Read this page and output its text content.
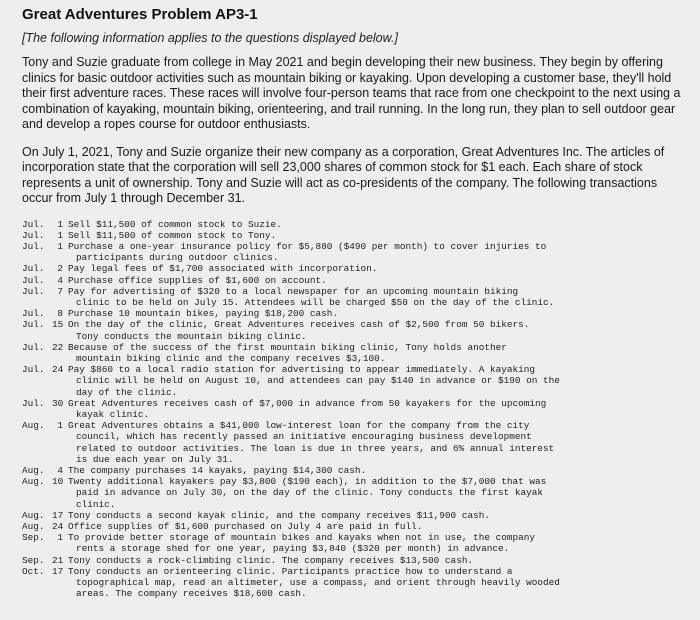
Great Adventures Problem AP3-1
[The following information applies to the questions displayed below.]

Tony and Suzie graduate from college in May 2021 and begin developing their new business. They begin by offering clinics for basic outdoor activities such as mountain biking or kayaking. Upon developing a customer base, they'll hold their first adventure races. These races will involve four-person teams that race from one checkpoint to the next using a combination of kayaking, mountain biking, orienteering, and trail running. In the long run, they plan to sell outdoor gear and develop a ropes course for outdoor enthusiasts.

On July 1, 2021, Tony and Suzie organize their new company as a corporation, Great Adventures Inc. The articles of incorporation state that the corporation will sell 23,000 shares of common stock for $1 each. Each share of stock represents a unit of ownership. Tony and Suzie will act as co-presidents of the company. The following transactions occur from July 1 through December 31.

Jul.	1 Sell $11,500 of common stock to Suzie.
Jul.	1 Sell $11,500 of common stock to Tony.
Jul.	1 Purchase a one-year insurance policy for $5,880 ($490 per month) to cover injuries to
participants during outdoor clinics.
Jul.	2 Pay legal fees of $1,700 associated with incorporation.
Jul.	4 Purchase office supplies of $1,600 on account.
Jul.	7 Pay for advertising of $320 to a local newspaper for an upcoming mountain biking
clinic to be held on July 15. Attendees will be charged $50 on the day of the clinic.
Jul.	8 Purchase 10 mountain bikes, paying $18,200 cash.
Jul. 15 On the day of the clinic, Great Adventures receives cash of $2,500 from 50 bikers.
Tony conducts the mountain biking clinic.
Jul. 22 Because of the success of the first mountain biking clinic, Tony holds another
mountain biking clinic and the company receives $3,100.
Jul. 24 Pay $860 to a local radio station for advertising to appear immediately. A kayaking
clinic will be held on August 10, and attendees can pay $140 in advance or $190 on the
day of the clinic.
Jul. 30 Great Adventures receives cash of $7,000 in advance from 50 kayakers for the upcoming
kayak clinic.
Aug.	1 Great Adventures obtains a $41,000 low-interest loan for the company from the city
council, which has recently passed an initiative encouraging business development
related to outdoor activities. The loan is due in three years, and 6% annual interest
is due each year on July 31.
Aug.	4 The company purchases 14 kayaks, paying $14,300 cash.
Aug. 10 Twenty additional kayakers pay $3,800 ($190 each), in addition to the $7,000 that was
paid in advance on July 30, on the day of the clinic. Tony conducts the first kayak
clinic.
Aug. 17 Tony conducts a second kayak clinic, and the company receives $11,900 cash.
Aug. 24 Office supplies of $1,600 purchased on July 4 are paid in full.
Sep.	1 To provide better storage of mountain bikes and kayaks when not in use, the company
rents a storage shed for one year, paying $3,840 ($320 per month) in advance.
Sep. 21 Tony conducts a rock-climbing clinic. The company receives $13,500 cash.
Oct. 17 Tony conducts an orienteering clinic. Participants practice how to understand a
topographical map, read an altimeter, use a compass, and orient through heavily wooded
areas. The company receives $18,600 cash.
